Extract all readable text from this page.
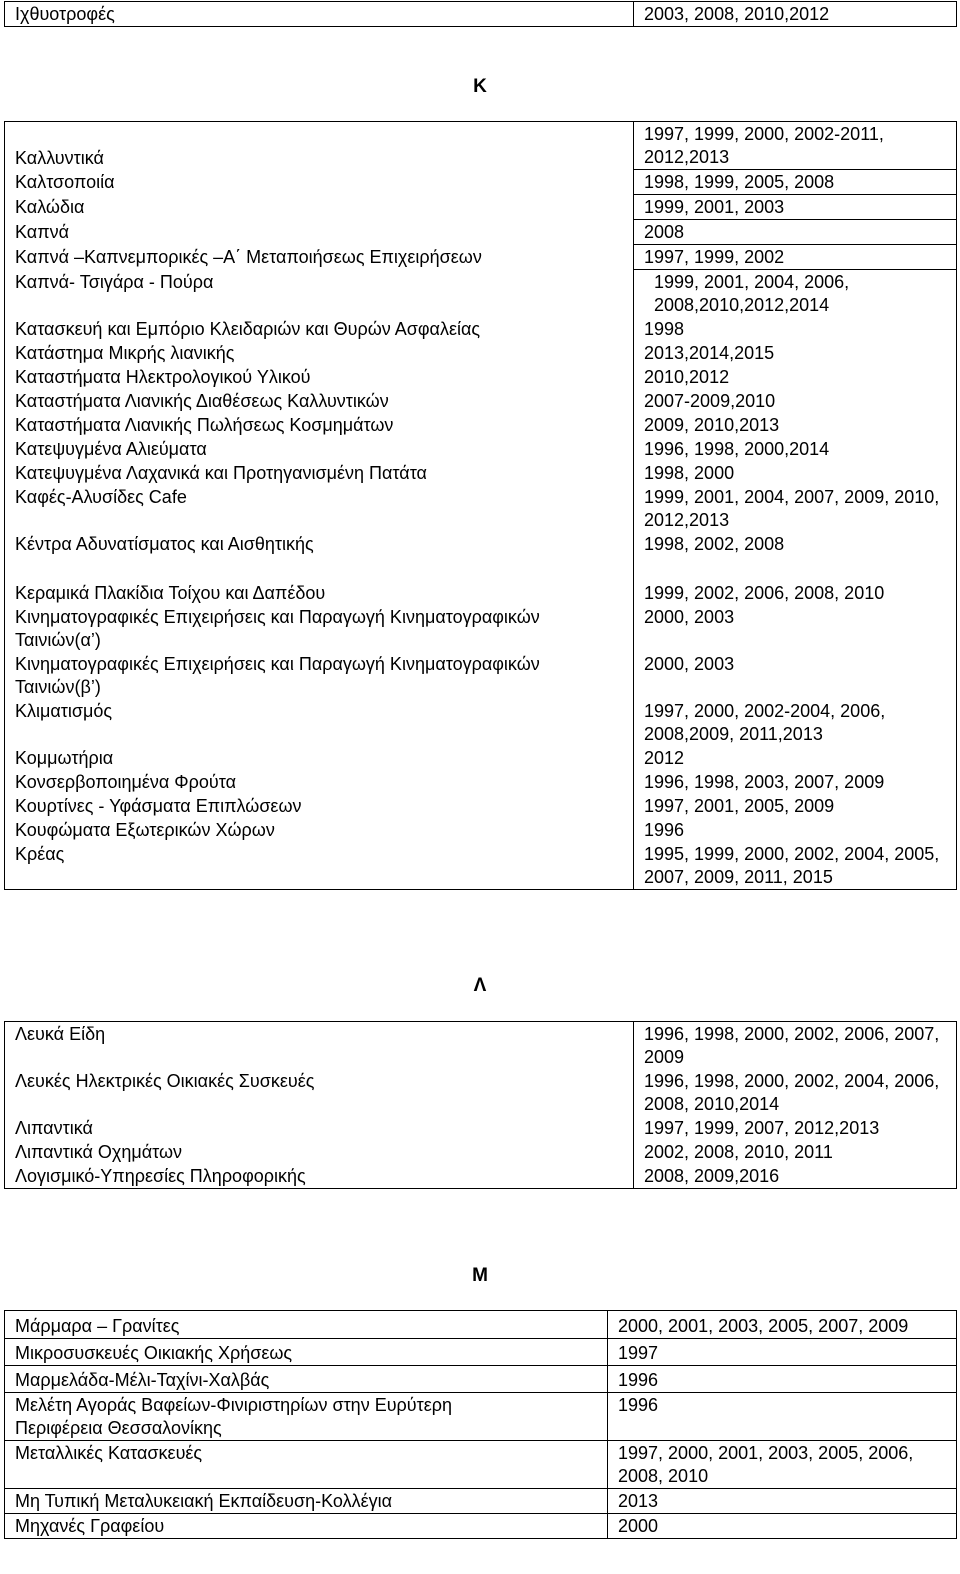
Ιχθυοτροφές	2003, 2008, 2010,2012
Κ
Καλλυντικά	1997, 1999, 2000, 2002-2011, 2012,2013
Καλτσοποιία	1998, 1999, 2005, 2008
Καλώδια	1999, 2001, 2003
Καπνά	2008
Καπνά –Καπνεμπορικές –Α΄ Μεταποιήσεως Επιχειρήσεων	1997, 1999, 2002
Καπνά- Τσιγάρα - Πούρα	1999, 2001, 2004, 2006, 2008,2010,2012,2014
Κατασκευή και Εμπόριο Κλειδαριών και Θυρών Ασφαλείας	1998
Κατάστημα Μικρής λιανικής	2013,2014,2015
Καταστήματα Ηλεκτρολογικού Υλικού	2010,2012
Καταστήματα Λιανικής Διαθέσεως Καλλυντικών	2007-2009,2010
Καταστήματα Λιανικής Πωλήσεως Κοσμημάτων	2009, 2010,2013
Κατεψυγμένα Αλιεύματα	1996, 1998, 2000,2014
Κατεψυγμένα Λαχανικά και Προτηγανισμένη Πατάτα	1998, 2000
Καφές-Αλυσίδες Cafe	1999, 2001, 2004, 2007, 2009, 2010, 2012,2013
Κέντρα Αδυνατίσματος και Αισθητικής	1998, 2002, 2008

Κεραμικά Πλακίδια Τοίχου και Δαπέδου	1999, 2002, 2006, 2008, 2010
Κινηματογραφικές Επιχειρήσεις και Παραγωγή Κινηματογραφικών Ταινιών(α’)	2000, 2003
Κινηματογραφικές Επιχειρήσεις και Παραγωγή Κινηματογραφικών Ταινιών(β’)	2000, 2003
Κλιματισμός	1997, 2000, 2002-2004, 2006, 2008,2009, 2011,2013
Κομμωτήρια	2012
Κονσερβοποιημένα Φρούτα	1996, 1998, 2003, 2007, 2009
Κουρτίνες - Υφάσματα Επιπλώσεων	1997, 2001, 2005, 2009
Κουφώματα Εξωτερικών Χώρων	1996
Κρέας	1995, 1999, 2000, 2002, 2004, 2005, 2007, 2009, 2011, 2015
Λ
Λευκά Είδη	1996, 1998, 2000, 2002, 2006, 2007, 2009
Λευκές Ηλεκτρικές Οικιακές Συσκευές	1996, 1998, 2000, 2002, 2004, 2006, 2008, 2010,2014
Λιπαντικά	1997, 1999, 2007, 2012,2013
Λιπαντικά Οχημάτων	2002, 2008, 2010, 2011
Λογισμικό-Υπηρεσίες Πληροφορικής	2008, 2009,2016
Μ
Μάρμαρα – Γρανίτες	2000, 2001, 2003, 2005, 2007, 2009
Μικροσυσκευές Οικιακής Χρήσεως	1997
Μαρμελάδα-Μέλι-Ταχίνι-Χαλβάς	1996
Μελέτη Αγοράς Βαφείων-Φινιριστηρίων στην Ευρύτερη Περιφέρεια Θεσσαλονίκης	1996
Μεταλλικές Κατασκευές	1997, 2000, 2001, 2003, 2005, 2006, 2008, 2010
Μη Τυπική Μεταλυκειακή Εκπαίδευση-Κολλέγια	2013
Μηχανές Γραφείου	2000
